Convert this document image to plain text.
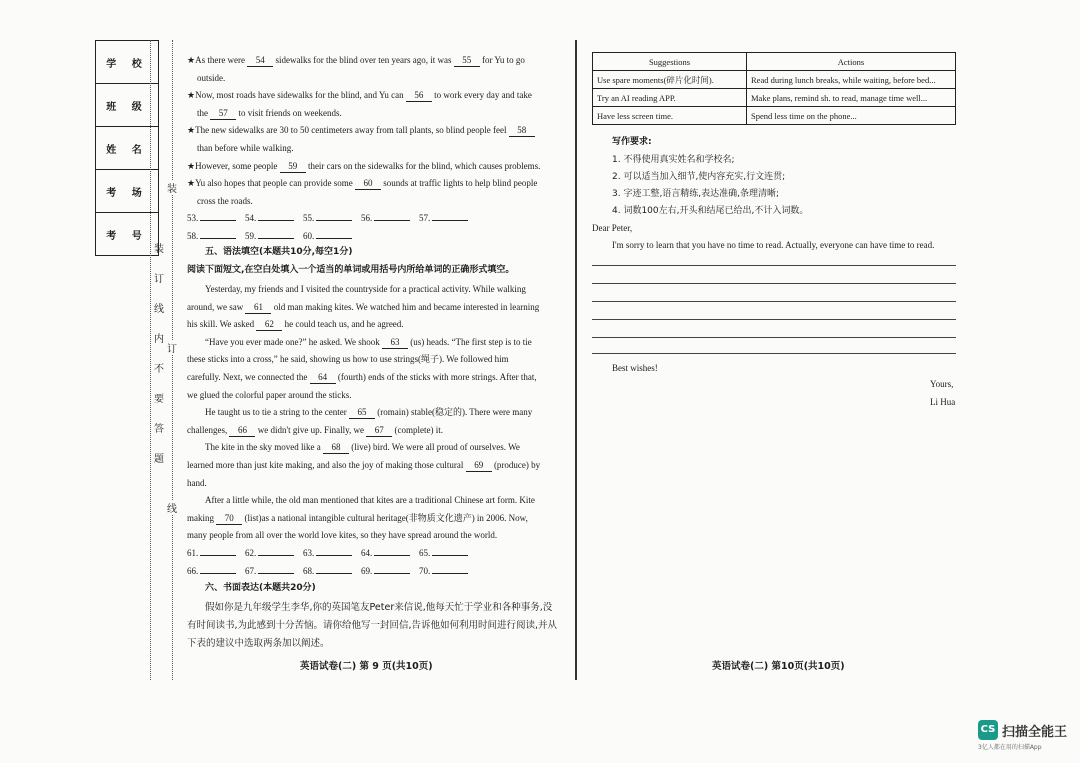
学 校
班 级
姓 名
考 场
考 号
装
订
线
内
不
要
答
题
装
订
线
★As there were 54 sidewalks for the blind over ten years ago, it was 55 for Yu to go
outside.
★Now, most roads have sidewalks for the blind, and Yu can 56 to work every day and take
the 57 to visit friends on weekends.
★The new sidewalks are 30 to 50 centimeters away from tall plants, so blind people feel 58
than before while walking.
★However, some people 59 their cars on the sidewalks for the blind, which causes problems.
★Yu also hopes that people can provide some 60 sounds at traffic lights to help blind people
cross the roads.
53.	54.	55.	56.	57.
58.	59.	60.
五、语法填空(本题共10分,每空1分)
阅读下面短文,在空白处填入一个适当的单词或用括号内所给单词的正确形式填空。
Yesterday, my friends and I visited the countryside for a practical activity. While walking
around, we saw 61 old man making kites. We watched him and became interested in learning
his skill. We asked 62 he could teach us, and he agreed.
“Have you ever made one?” he asked. We shook 63 (us) heads. “The first step is to tie
these sticks into a cross,” he said, showing us how to use strings(绳子). We followed him
carefully. Next, we connected the 64 (fourth) ends of the sticks with more strings. After that,
we glued the colorful paper around the sticks.
He taught us to tie a string to the center 65 (romain) stable(稳定的). There were many
challenges, 66 we didn't give up. Finally, we 67 (complete) it.
The kite in the sky moved like a 68 (live) bird. We were all proud of ourselves. We
learned more than just kite making, and also the joy of making those cultural 69 (produce) by
hand.
After a little while, the old man mentioned that kites are a traditional Chinese art form. Kite
making 70 (list)as a national intangible cultural heritage(非物质文化遗产) in 2006. Now,
many people from all over the world love kites, so they have spread around the world.
61.	62.	63.	64.	65.
66.	67.	68.	69.	70.
六、书面表达(本题共20分)
假如你是九年级学生李华,你的英国笔友Peter来信说,他每天忙于学业和各种事务,没
有时间读书,为此感到十分苦恼。请你给他写一封回信,告诉他如何利用时间进行阅读,并从
下表的建议中选取两条加以阐述。
英语试卷(二) 第 9 页(共10页)
Suggestions	Actions
Use spare moments(碎片化时间).	Read during lunch breaks, while waiting, before bed...
Try an AI reading APP.	Make plans, remind sh. to read, manage time well...
Have less screen time.	Spend less time on the phone...
写作要求:
1. 不得使用真实姓名和学校名;
2. 可以适当加入细节,使内容充实,行文连贯;
3. 字迹工整,语言精练,表达准确,条理清晰;
4. 词数100左右,开头和结尾已给出,不计入词数。
Dear Peter,
I'm sorry to learn that you have no time to read. Actually, everyone can have time to read.
Best wishes!
Yours,
Li Hua
英语试卷(二) 第10页(共10页)
CS 扫描全能王
3亿人都在用的扫描App
